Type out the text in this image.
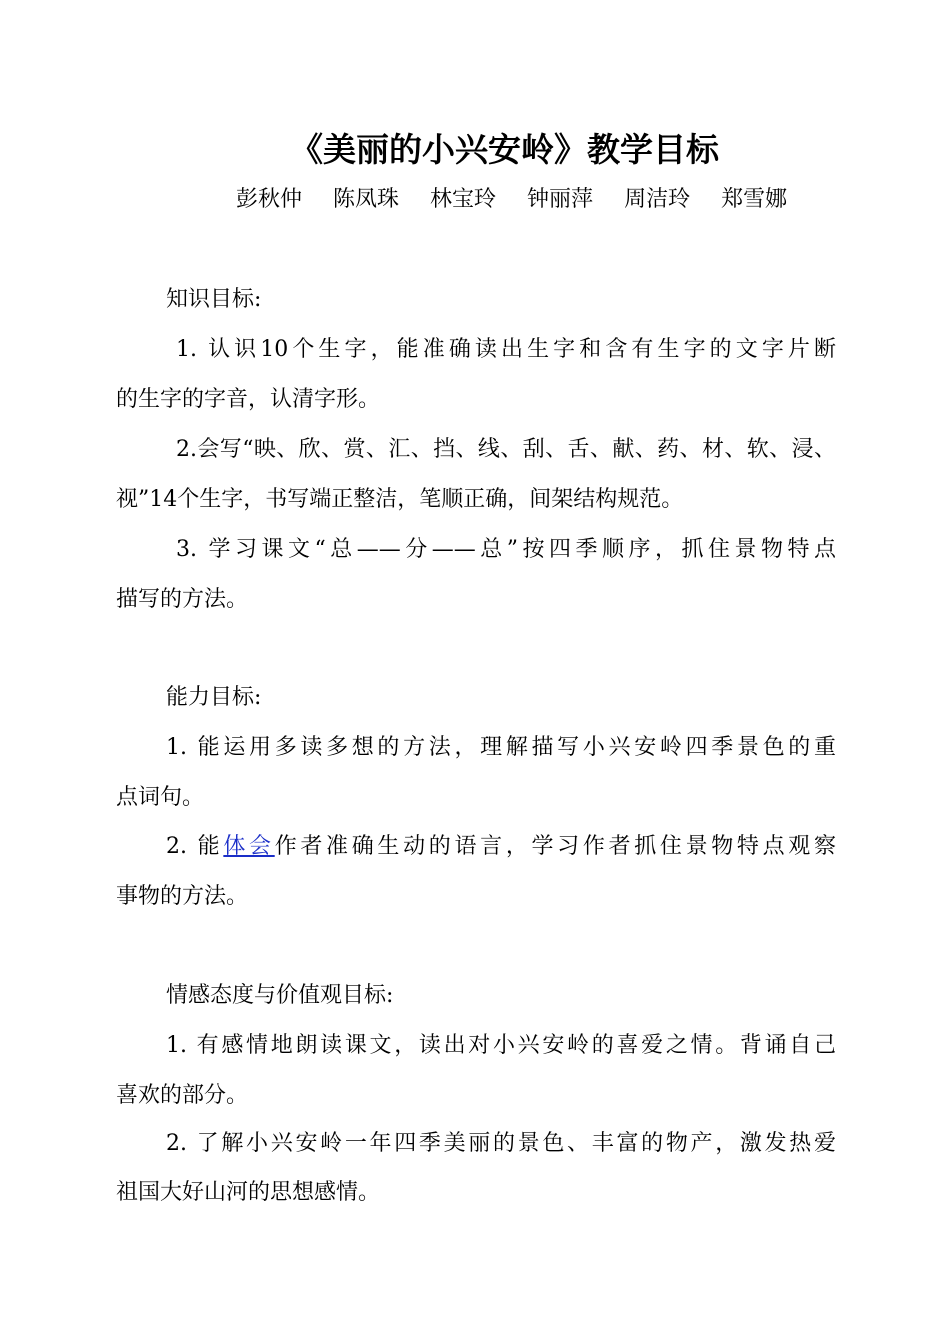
《美丽的小兴安岭》教学目标
彭秋仲 陈凤珠 林宝玲 钟丽萍 周洁玲 郑雪娜
知识目标:
1. 认识10个生字，能准确读出生字和含有生字的文字片断
的生字的字音，认清字形。
2.会写“映、欣、赏、汇、挡、线、刮、舌、献、药、材、软、浸、
视”14个生字，书写端正整洁，笔顺正确，间架结构规范。
3. 学习课文“总——分——总”按四季顺序，抓住景物特点
描写的方法。
能力目标:
1. 能运用多读多想的方法，理解描写小兴安岭四季景色的重
点词句。
2. 能体会作者准确生动的语言，学习作者抓住景物特点观察
事物的方法。
情感态度与价值观目标:
1. 有感情地朗读课文，读出对小兴安岭的喜爱之情。背诵自己
喜欢的部分。
2. 了解小兴安岭一年四季美丽的景色、丰富的物产，激发热爱
祖国大好山河的思想感情。
